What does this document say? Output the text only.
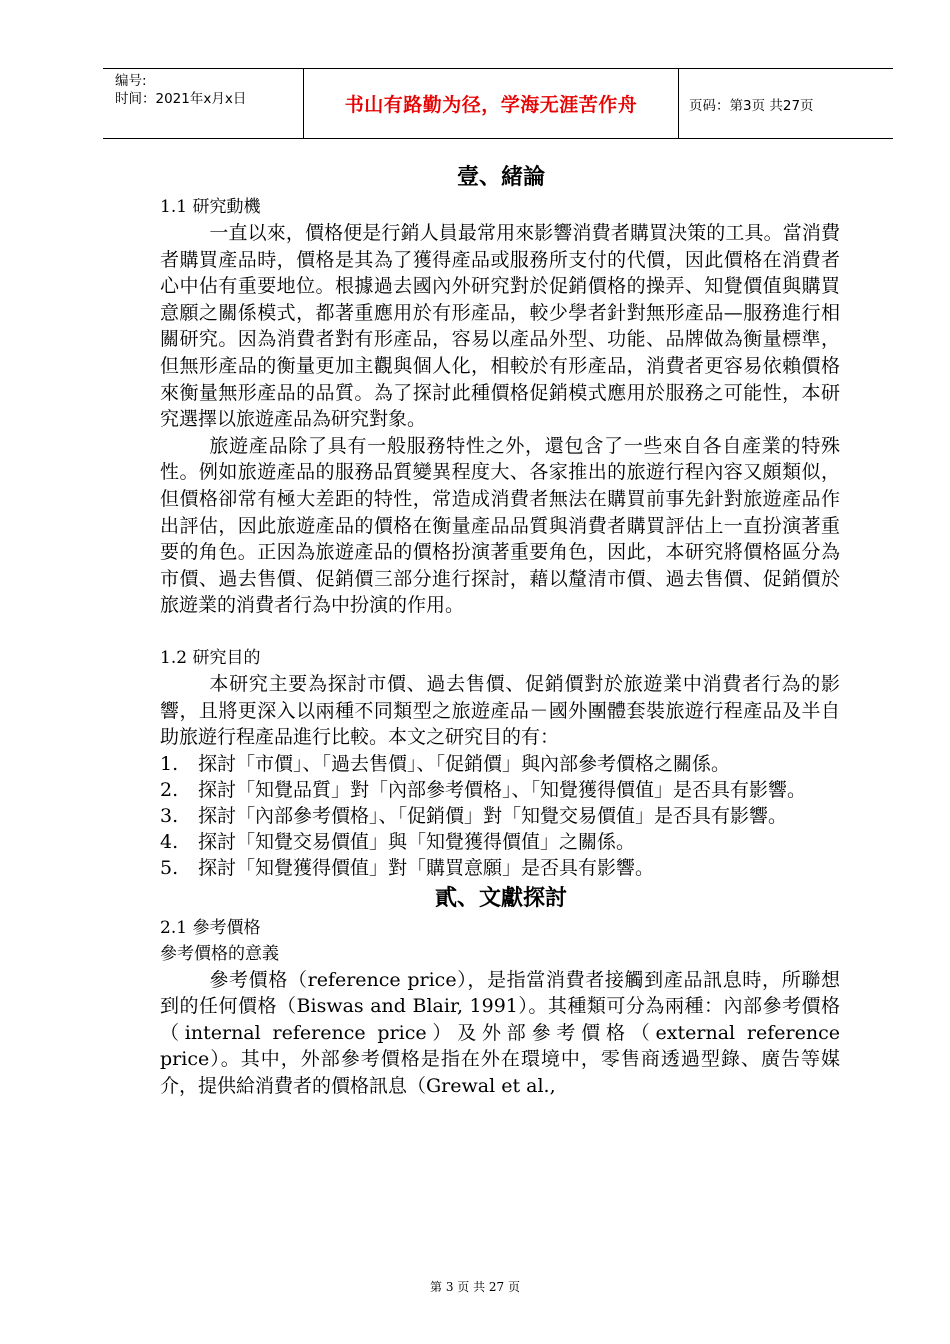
编号:
时间：2021年x月x日	书山有路勤为径，学海无涯苦作舟	页码：第3页 共27页
壹、緒論
1.1 研究動機
一直以來，價格便是行銷人員最常用來影響消費者購買決策的工具。當消費者購買產品時，價格是其為了獲得產品或服務所支付的代價，因此價格在消費者心中佔有重要地位。根據過去國內外研究對於促銷價格的操弄、知覺價值與購買意願之關係模式，都著重應用於有形產品，較少學者針對無形產品—服務進行相關研究。因為消費者對有形產品，容易以產品外型、功能、品牌做為衡量標準，但無形產品的衡量更加主觀與個人化，相較於有形產品，消費者更容易依賴價格來衡量無形產品的品質。為了探討此種價格促銷模式應用於服務之可能性，本研究選擇以旅遊產品為研究對象。
旅遊產品除了具有一般服務特性之外，還包含了一些來自各自產業的特殊性。例如旅遊產品的服務品質變異程度大、各家推出的旅遊行程內容又頗類似，但價格卻常有極大差距的特性，常造成消費者無法在購買前事先針對旅遊產品作出評估，因此旅遊產品的價格在衡量產品品質與消費者購買評估上一直扮演著重要的角色。正因為旅遊產品的價格扮演著重要角色，因此，本研究將價格區分為市價、過去售價、促銷價三部分進行探討，藉以釐清市價、過去售價、促銷價於旅遊業的消費者行為中扮演的作用。
1.2 研究目的
本研究主要為探討市價、過去售價、促銷價對於旅遊業中消費者行為的影響，且將更深入以兩種不同類型之旅遊產品－國外團體套裝旅遊行程產品及半自助旅遊行程產品進行比較。本文之研究目的有：
1. 探討「市價」、「過去售價」、「促銷價」與內部參考價格之關係。
2. 探討「知覺品質」對「內部參考價格」、「知覺獲得價值」是否具有影響。
3. 探討「內部參考價格」、「促銷價」對「知覺交易價值」是否具有影響。
4. 探討「知覺交易價值」與「知覺獲得價值」之關係。
5. 探討「知覺獲得價值」對「購買意願」是否具有影響。
貳、文獻探討
2.1 參考價格
參考價格的意義
參考價格（reference price），是指當消費者接觸到產品訊息時，所聯想到的任何價格（Biswas and Blair, 1991）。其種類可分為兩種：內部參考價格（internal reference price）及外部參考價格（external reference price）。其中，外部參考價格是指在外在環境中，零售商透過型錄、廣告等媒介，提供給消費者的價格訊息（Grewal et al.,
第 3 页 共 27 页
